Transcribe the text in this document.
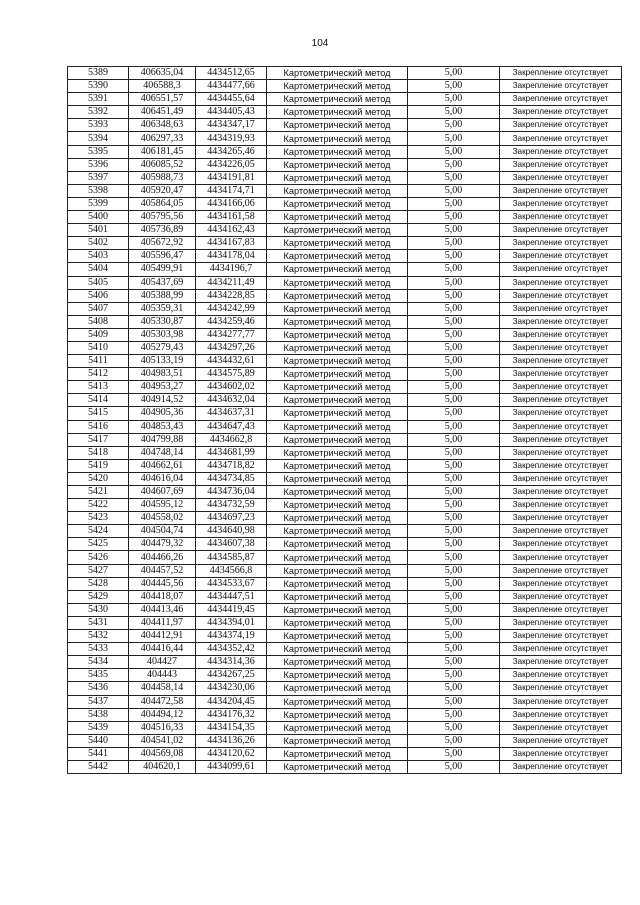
104
5389	406635,04	4434512,65	Картометрический метод	5,00	Закрепление отсутствует
5390	406588,3	4434477,66	Картометрический метод	5,00	Закрепление отсутствует
5391	406551,57	4434455,64	Картометрический метод	5,00	Закрепление отсутствует
5392	406451,49	4434405,43	Картометрический метод	5,00	Закрепление отсутствует
5393	406348,63	4434347,17	Картометрический метод	5,00	Закрепление отсутствует
5394	406297,33	4434319,93	Картометрический метод	5,00	Закрепление отсутствует
5395	406181,45	4434265,46	Картометрический метод	5,00	Закрепление отсутствует
5396	406085,52	4434226,05	Картометрический метод	5,00	Закрепление отсутствует
5397	405988,73	4434191,81	Картометрический метод	5,00	Закрепление отсутствует
5398	405920,47	4434174,71	Картометрический метод	5,00	Закрепление отсутствует
5399	405864,05	4434166,06	Картометрический метод	5,00	Закрепление отсутствует
5400	405795,56	4434161,58	Картометрический метод	5,00	Закрепление отсутствует
5401	405736,89	4434162,43	Картометрический метод	5,00	Закрепление отсутствует
5402	405672,92	4434167,83	Картометрический метод	5,00	Закрепление отсутствует
5403	405596,47	4434178,04	Картометрический метод	5,00	Закрепление отсутствует
5404	405499,91	4434196,7	Картометрический метод	5,00	Закрепление отсутствует
5405	405437,69	4434211,49	Картометрический метод	5,00	Закрепление отсутствует
5406	405388,99	4434228,85	Картометрический метод	5,00	Закрепление отсутствует
5407	405359,31	4434242,99	Картометрический метод	5,00	Закрепление отсутствует
5408	405330,87	4434259,46	Картометрический метод	5,00	Закрепление отсутствует
5409	405303,98	4434277,77	Картометрический метод	5,00	Закрепление отсутствует
5410	405279,43	4434297,26	Картометрический метод	5,00	Закрепление отсутствует
5411	405133,19	4434432,61	Картометрический метод	5,00	Закрепление отсутствует
5412	404983,51	4434575,89	Картометрический метод	5,00	Закрепление отсутствует
5413	404953,27	4434602,02	Картометрический метод	5,00	Закрепление отсутствует
5414	404914,52	4434632,04	Картометрический метод	5,00	Закрепление отсутствует
5415	404905,36	4434637,31	Картометрический метод	5,00	Закрепление отсутствует
5416	404853,43	4434647,43	Картометрический метод	5,00	Закрепление отсутствует
5417	404799,88	4434662,8	Картометрический метод	5,00	Закрепление отсутствует
5418	404748,14	4434681,99	Картометрический метод	5,00	Закрепление отсутствует
5419	404662,61	4434718,82	Картометрический метод	5,00	Закрепление отсутствует
5420	404616,04	4434734,85	Картометрический метод	5,00	Закрепление отсутствует
5421	404607,69	4434736,04	Картометрический метод	5,00	Закрепление отсутствует
5422	404595,12	4434732,59	Картометрический метод	5,00	Закрепление отсутствует
5423	404558,02	4434697,23	Картометрический метод	5,00	Закрепление отсутствует
5424	404504,74	4434640,98	Картометрический метод	5,00	Закрепление отсутствует
5425	404479,32	4434607,38	Картометрический метод	5,00	Закрепление отсутствует
5426	404466,26	4434585,87	Картометрический метод	5,00	Закрепление отсутствует
5427	404457,52	4434566,8	Картометрический метод	5,00	Закрепление отсутствует
5428	404445,56	4434533,67	Картометрический метод	5,00	Закрепление отсутствует
5429	404418,07	4434447,51	Картометрический метод	5,00	Закрепление отсутствует
5430	404413,46	4434419,45	Картометрический метод	5,00	Закрепление отсутствует
5431	404411,97	4434394,01	Картометрический метод	5,00	Закрепление отсутствует
5432	404412,91	4434374,19	Картометрический метод	5,00	Закрепление отсутствует
5433	404416,44	4434352,42	Картометрический метод	5,00	Закрепление отсутствует
5434	404427	4434314,36	Картометрический метод	5,00	Закрепление отсутствует
5435	404443	4434267,25	Картометрический метод	5,00	Закрепление отсутствует
5436	404458,14	4434230,06	Картометрический метод	5,00	Закрепление отсутствует
5437	404472,58	4434204,45	Картометрический метод	5,00	Закрепление отсутствует
5438	404494,12	4434176,32	Картометрический метод	5,00	Закрепление отсутствует
5439	404516,33	4434154,35	Картометрический метод	5,00	Закрепление отсутствует
5440	404541,02	4434136,26	Картометрический метод	5,00	Закрепление отсутствует
5441	404569,08	4434120,62	Картометрический метод	5,00	Закрепление отсутствует
5442	404620,1	4434099,61	Картометрический метод	5,00	Закрепление отсутствует
